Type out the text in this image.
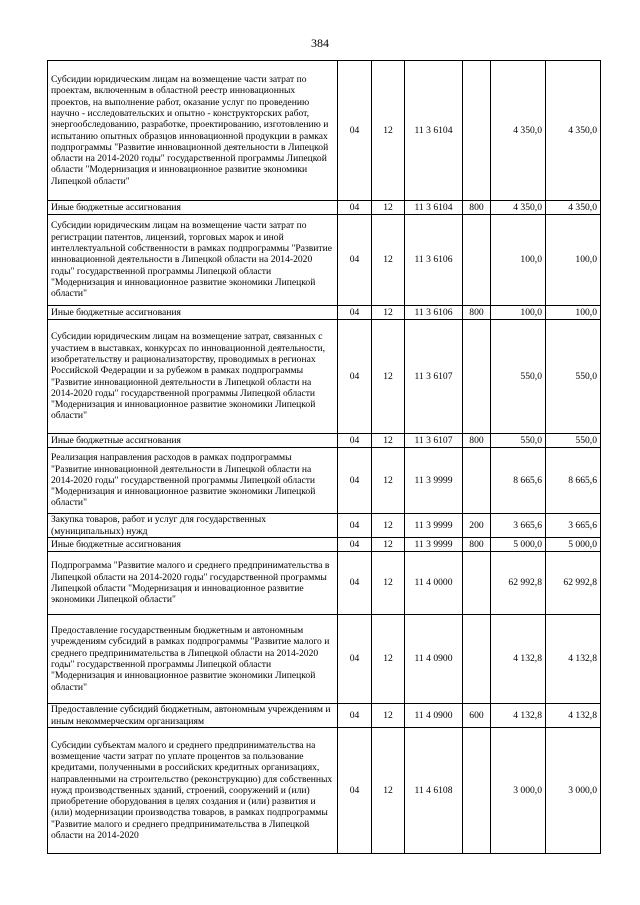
384
Субсидии юридическим лицам на возмещение части затрат по проектам, включенным в областной реестр инновационных проектов, на выполнение работ, оказание услуг по проведению научно - исследовательских и опытно - конструкторских работ, энергообследованию, разработке, проектированию, изготовлению и испытанию опытных образцов инновационной продукции в рамках подпрограммы "Развитие инновационной деятельности в Липецкой области на 2014-2020 годы" государственной программы Липецкой области "Модернизация и инновационное развитие экономики Липецкой области"	04	12	11 3 6104		4 350,0	4 350,0
Иные бюджетные ассигнования	04	12	11 3 6104	800	4 350,0	4 350,0
Субсидии юридическим лицам на возмещение части затрат по регистрации патентов, лицензий, торговых марок и иной интеллектуальной собственности в рамках подпрограммы "Развитие инновационной деятельности в Липецкой области на 2014-2020 годы" государственной программы Липецкой области "Модернизация и инновационное развитие экономики Липецкой области"	04	12	11 3 6106		100,0	100,0
Иные бюджетные ассигнования	04	12	11 3 6106	800	100,0	100,0
Субсидии юридическим лицам на возмещение затрат, связанных с участием в выставках, конкурсах по инновационной деятельности, изобретательству и рационализаторству, проводимых в регионах Российской Федерации и за рубежом в рамках подпрограммы "Развитие инновационной деятельности в Липецкой области на 2014-2020 годы" государственной программы Липецкой области "Модернизация и инновационное развитие экономики Липецкой области"	04	12	11 3 6107		550,0	550,0
Иные бюджетные ассигнования	04	12	11 3 6107	800	550,0	550,0
Реализация направления расходов в рамках подпрограммы "Развитие инновационной деятельности в Липецкой области на 2014-2020 годы" государственной программы Липецкой области "Модернизация и инновационное развитие экономики Липецкой области"	04	12	11 3 9999		8 665,6	8 665,6
Закупка товаров, работ и услуг для государственных (муниципальных) нужд	04	12	11 3 9999	200	3 665,6	3 665,6
Иные бюджетные ассигнования	04	12	11 3 9999	800	5 000,0	5 000,0
Подпрограмма "Развитие малого и среднего предпринимательства в Липецкой области на 2014-2020 годы" государственной программы Липецкой области "Модернизация и инновационное развитие экономики Липецкой области"	04	12	11 4 0000		62 992,8	62 992,8
Предоставление государственным бюджетным и автономным учреждениям субсидий в рамках подпрограммы "Развитие малого и среднего предпринимательства в Липецкой области на 2014-2020 годы" государственной программы Липецкой области "Модернизация и инновационное развитие экономики Липецкой области"	04	12	11 4 0900		4 132,8	4 132,8
Предоставление субсидий бюджетным, автономным учреждениям и иным некоммерческим организациям	04	12	11 4 0900	600	4 132,8	4 132,8
Субсидии субъектам малого и среднего предпринимательства на возмещение части затрат по уплате процентов за пользование кредитами, полученными в российских кредитных организациях, направленными на строительство (реконструкцию) для собственных нужд производственных зданий, строений, сооружений и (или) приобретение оборудования в целях создания и (или) развития и (или) модернизации производства товаров, в рамках подпрограммы "Развитие малого и среднего предпринимательства в Липецкой области на 2014-2020	04	12	11 4 6108		3 000,0	3 000,0
